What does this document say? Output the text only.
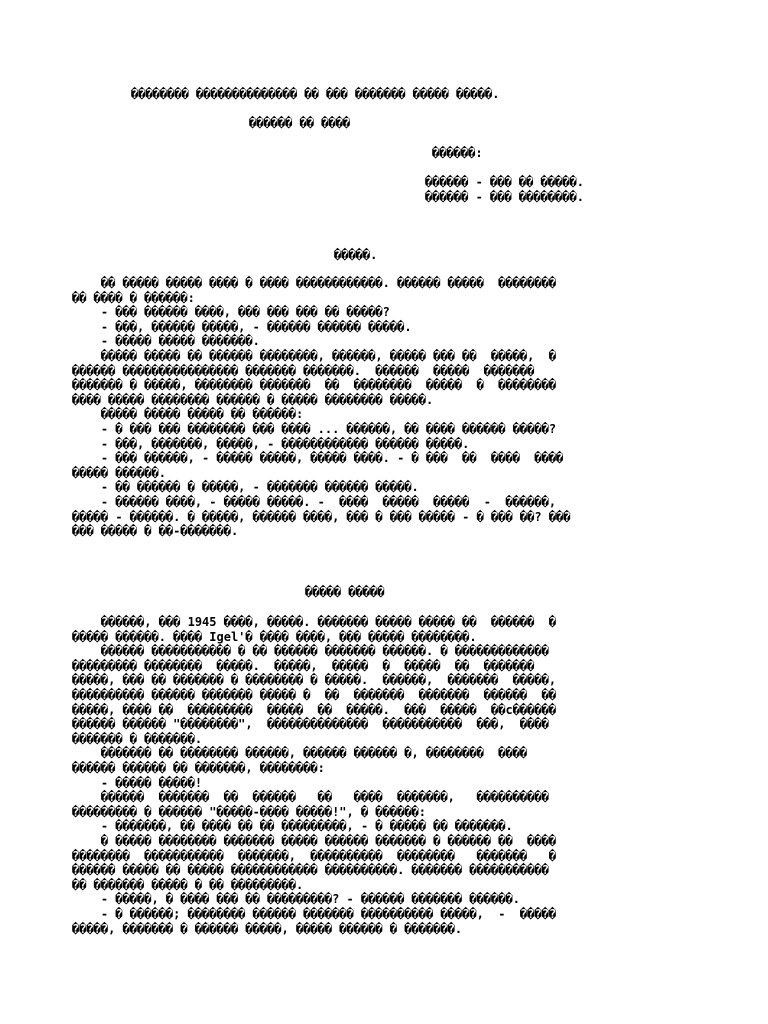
�������� �������������� �� ��� ������� ����� �����.
������ �� ����
������:
������ - ��� �� �����.
������ - ��� ��������.
�����.
�� ����� ����� ���� � ���� ������������. ������ �����  ��������
�� ���� � ������:
- ��� ������ ����, ��� ��� ��� �� �����?
- ���, ������ �����, - ������ ������ �����.
- ����� ����� �������.
����� ����� �� ������ ��������, ������, ����� ��� ��  �����,  �
������ ���������������� ������� �������.  ������  �����  �������
������� � �����, �������� �������  ��  ��������  �����  �  ��������
���� ����� �������� ������ � ����� �������� �����.
����� ����� ����� �� ������:
- � ��� ��� �������� ��� ���� ... ������, �� ���� ������ �����?
- ���, �������, �����, - ������������ ������ �����.
- ��� ������, - ����� �����, ����� ����. - � ���  ��  ����  ����
����� ������.
- �� ������ � �����, - ������� ������ �����.
- ������ ����, - ����� �����. -  ����  �����  �����  -  ������,
����� - ������. � �����, ������ ����, ��� � ��� ����� - � ��� ��? ���
��� ����� � ��-�������.
����� �����
������, ��� 1945 ����, �����. ������� ����� ����� ��  ������  �
����� ������. ���� Igel'� ���� ����, ��� ����� ��������.
������ ����������� � �� ������ ������� ������. � �������������
��������� ��������  �����.  �����,  �����  �  �����  ��  �������
�����, ��� �� ������� � �������� � �����.  ������,  �������  �����,
���������� ������ ������� ����� �  ��  �������  �������  ������  ��
�����, ���� ��  ���������  �����  ��  �����.  ���  �����  ��c������
������ ������ "��������",  ��������������  �����������  ���,  ����
������� � �������.
������� �� �������� ������, ������ ������ �, ��������  ����
������ ������ �� �������, ��������:
- ����� �����!
������  �������  ��  ������   ��   ����  �������,   ����������
��������� � ������ "�����-���� �����!", � ������:
- �������, �� ���� �� �� ���������, - � ����� �� �������.
� ����� �������� ������� ����� ������ ������� � ������ ��  ����
��������  �����������  �������,  ����������  ��������   �������   �
������ ����� �� ����� ������������ ����������. ������� �����������
�� ������� ����� � �� ���������.
- �����, � ���� ��� �� ���������? - ������ ������� ������.
- � ������; �������� ������ ������� ���������� �����,  -  �����
�����, ������� � ������ �����, ����� ������ � �������.
